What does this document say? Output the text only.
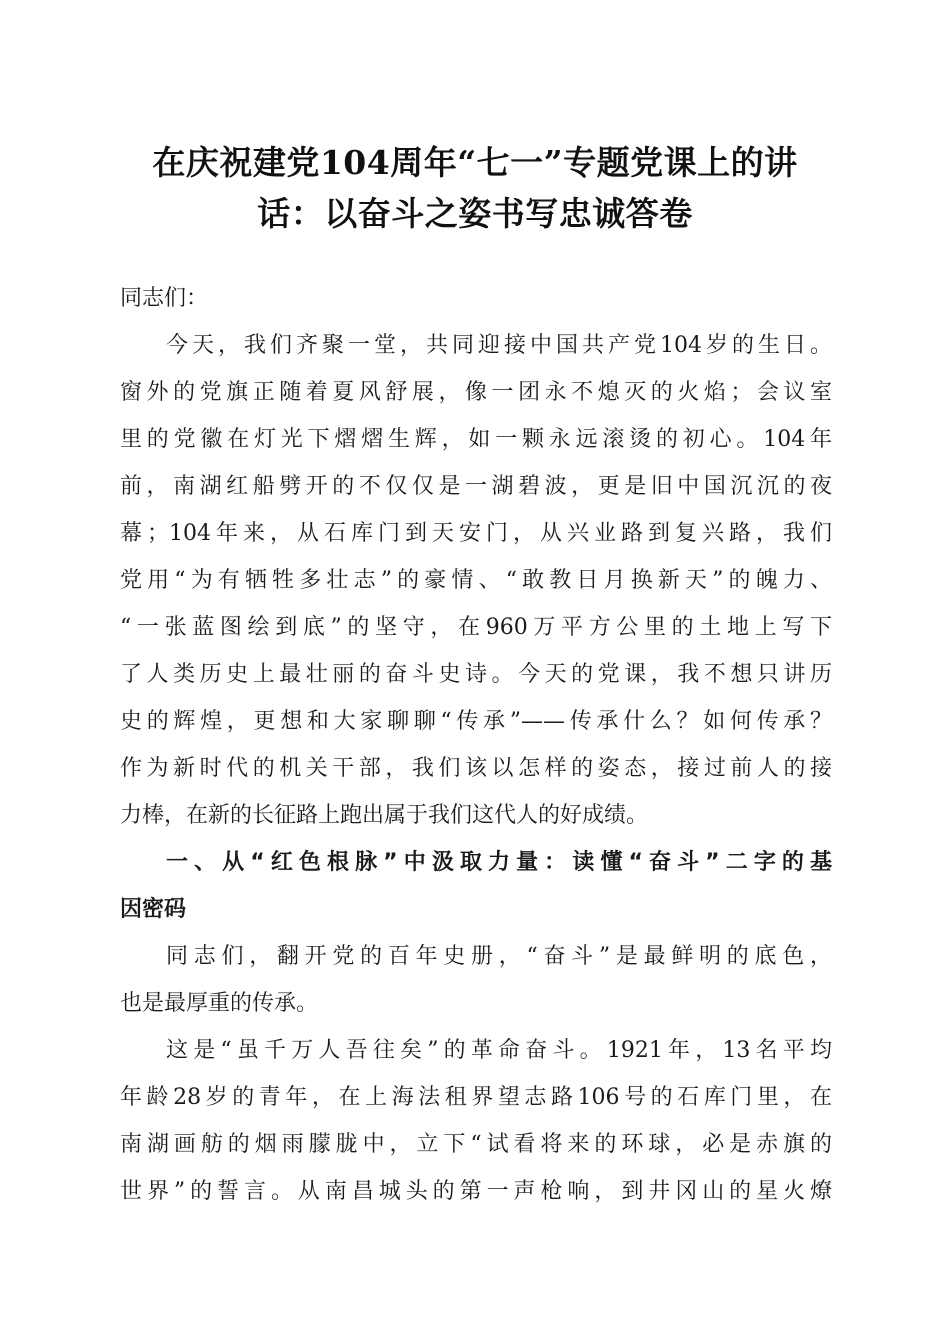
在庆祝建党104周年“七一”专题党课上的讲
话：以奋斗之姿书写忠诚答卷
同志们：
今天，我们齐聚一堂，共同迎接中国共产党104岁的生日。
窗外的党旗正随着夏风舒展，像一团永不熄灭的火焰；会议室
里的党徽在灯光下熠熠生辉，如一颗永远滚烫的初心。104年
前，南湖红船劈开的不仅仅是一湖碧波，更是旧中国沉沉的夜
幕；104年来，从石库门到天安门，从兴业路到复兴路，我们
党用“为有牺牲多壮志”的豪情、“敢教日月换新天”的魄力、
“一张蓝图绘到底”的坚守，在960万平方公里的土地上写下
了人类历史上最壮丽的奋斗史诗。今天的党课，我不想只讲历
史的辉煌，更想和大家聊聊“传承”——传承什么？如何传承？
作为新时代的机关干部，我们该以怎样的姿态，接过前人的接
力棒，在新的长征路上跑出属于我们这代人的好成绩。
一、从“红色根脉”中汲取力量：读懂“奋斗”二字的基
因密码
同志们，翻开党的百年史册，“奋斗”是最鲜明的底色，
也是最厚重的传承。
这是“虽千万人吾往矣”的革命奋斗。1921年，13名平均
年龄28岁的青年，在上海法租界望志路106号的石库门里，在
南湖画舫的烟雨朦胧中，立下“试看将来的环球，必是赤旗的
世界”的誓言。从南昌城头的第一声枪响，到井冈山的星火燎
